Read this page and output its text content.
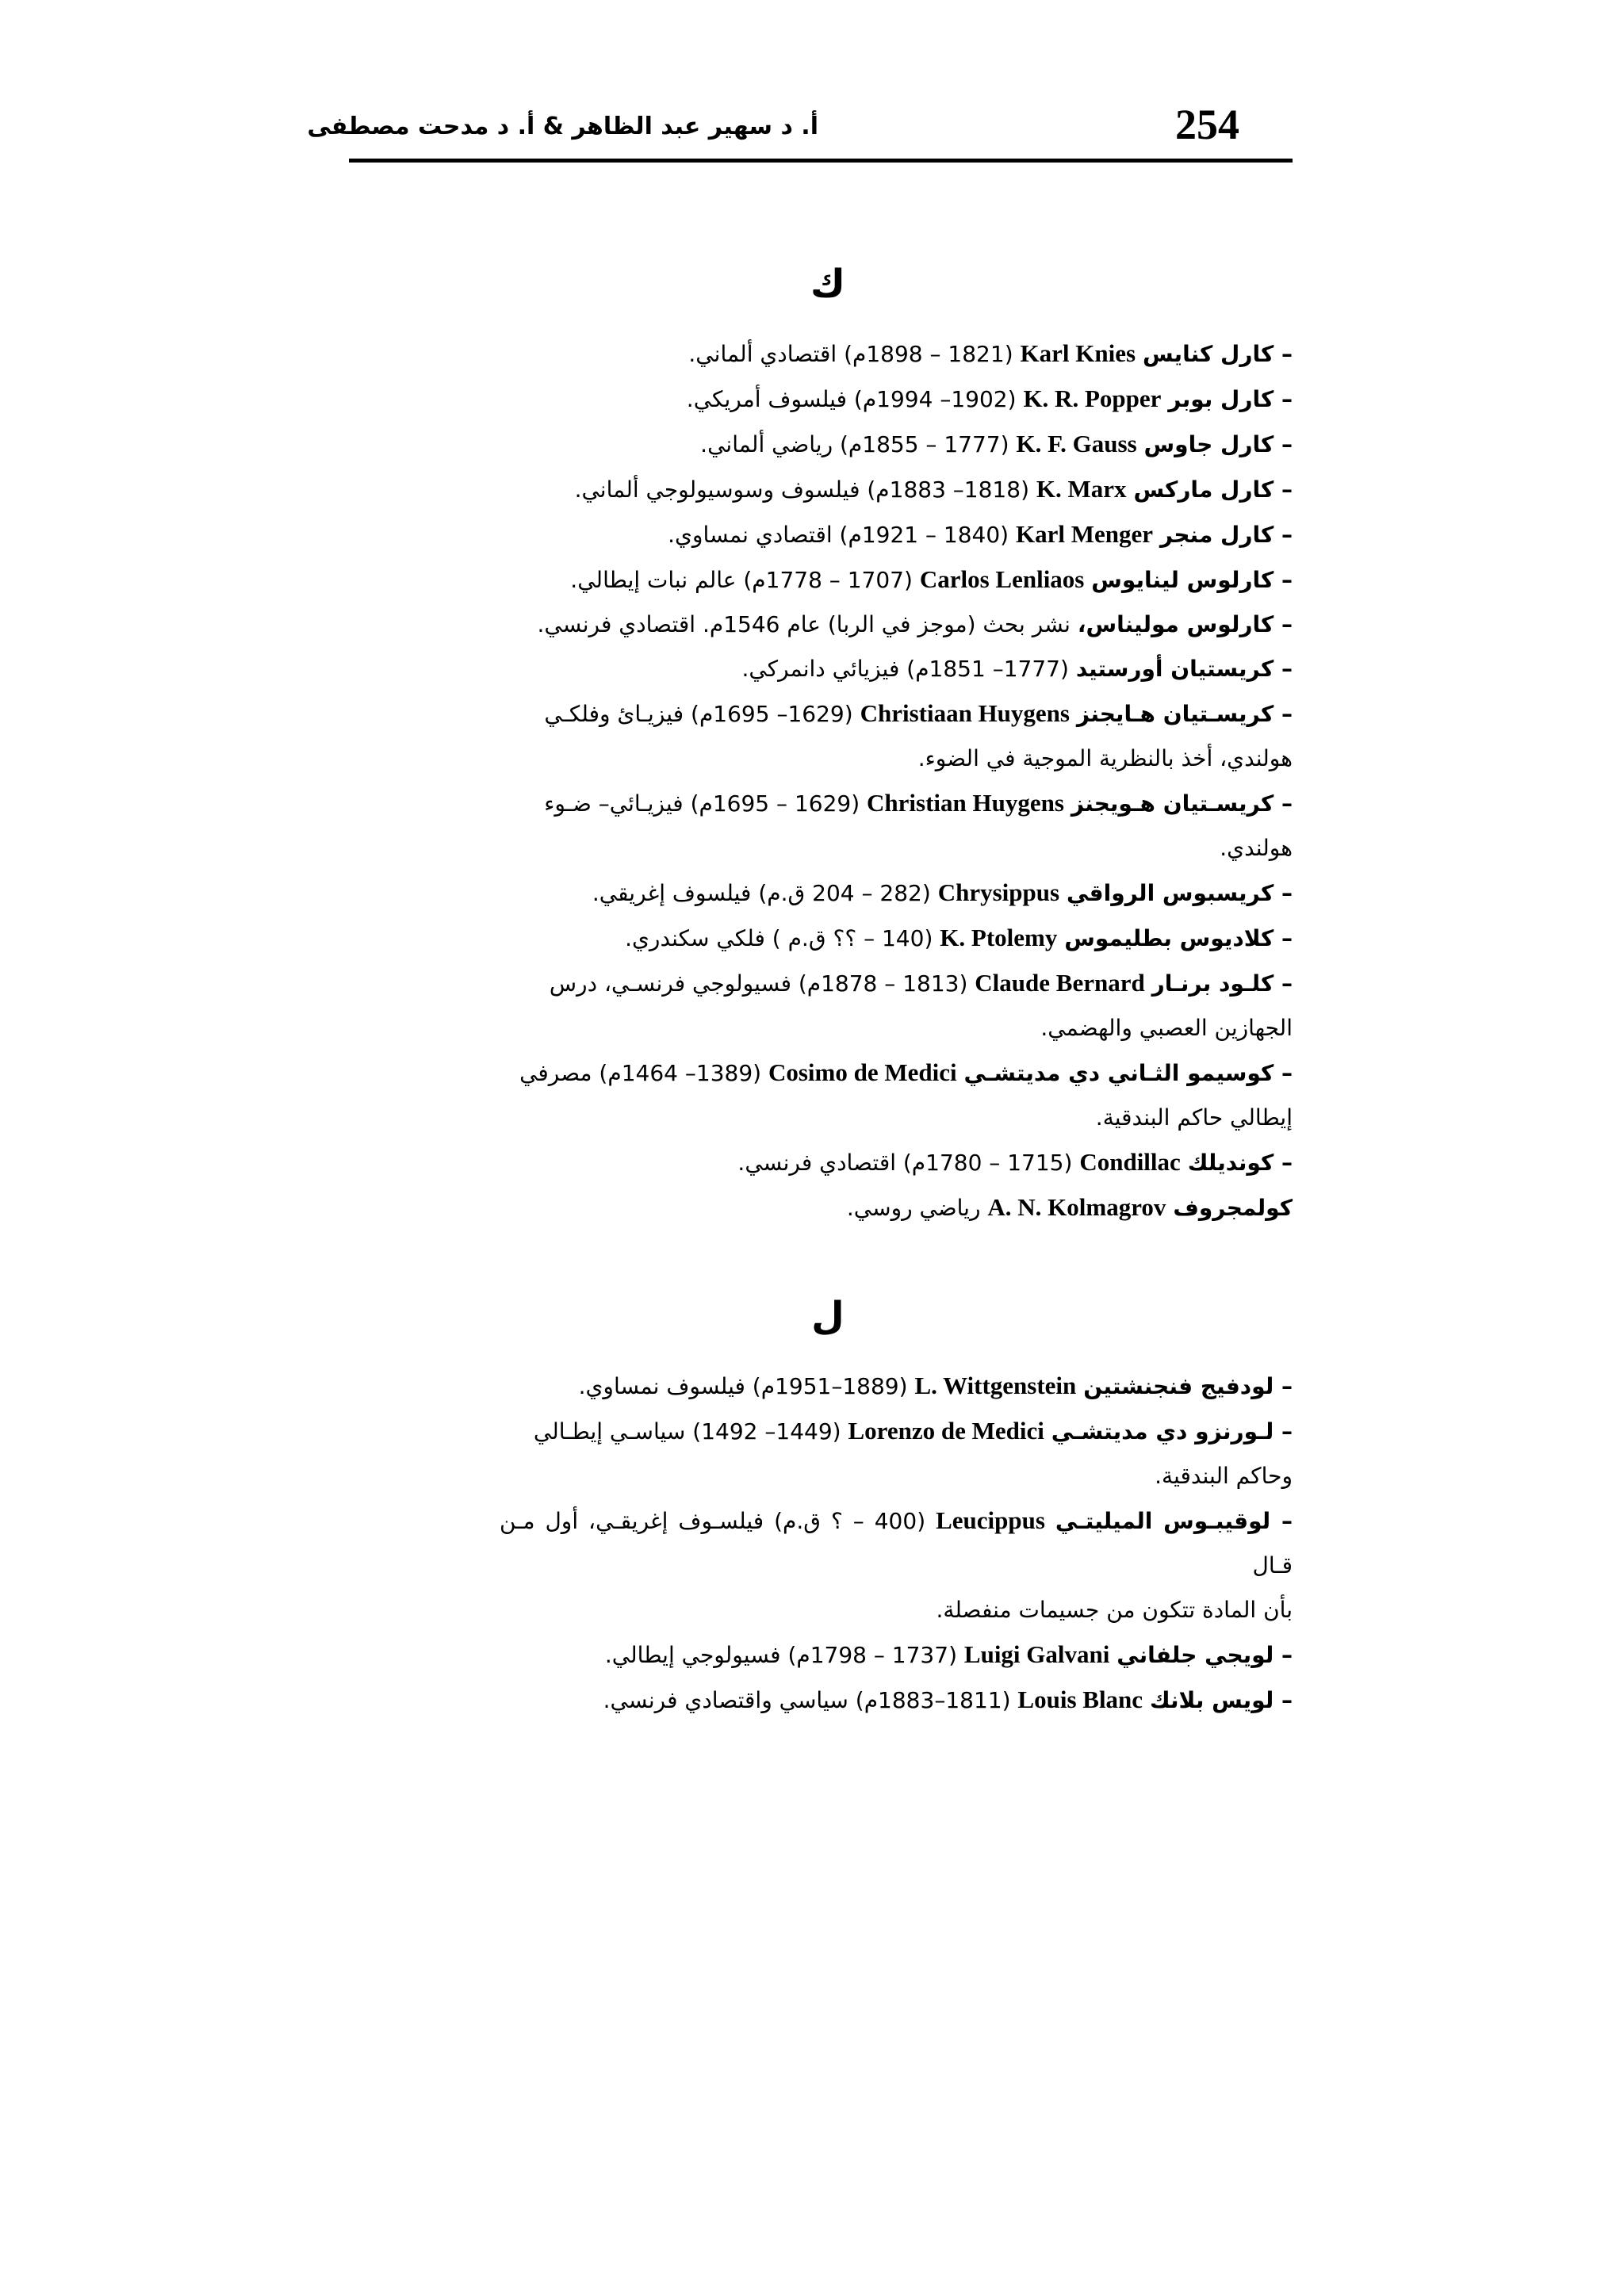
254
أ. د سهير عبد الظاهر & أ. د مدحت مصطفى
ك
– كارل كنايس Karl Knies (1821 – 1898م) اقتصادي ألماني.
– كارل بوبر K. R. Popper (1902– 1994م) فيلسوف أمريكي.
– كارل جاوس K. F. Gauss (1777 – 1855م) رياضي ألماني.
– كارل ماركس K. Marx (1818– 1883م) فيلسوف وسوسيولوجي ألماني.
– كارل منجر Karl Menger (1840 – 1921م) اقتصادي نمساوي.
– كارلوس لينايوس Carlos Lenliaos (1707 – 1778م) عالم نبات إيطالي.
– كارلوس موليناس، نشر بحث (موجز في الربا) عام 1546م. اقتصادي فرنسي.
– كريستيان أورستيد (1777– 1851م) فيزيائي دانمركي.
– كريسـتيان هـايجنز Christiaan Huygens (1629– 1695م) فيزيـائ وفلكـي
هولندي، أخذ بالنظرية الموجية في الضوء.
– كريسـتيان هـويجنز Christian Huygens (1629 – 1695م) فيزيـائي– ضـوء
هولندي.
– كريسبوس الرواقي Chrysippus (282 – 204 ق.م) فيلسوف إغريقي.
– كلاديوس بطليموس K. Ptolemy (140 – ؟؟ ق.م ) فلكي سكندري.
– كلـود برنـار Claude Bernard (1813 – 1878م) فسيولوجي فرنسـي، درس
الجهازين العصبي والهضمي.
– كوسيمو الثـاني دي مديتشـي Cosimo de Medici (1389– 1464م) مصرفي
إيطالي حاكم البندقية.
– كونديلك Condillac (1715 – 1780م) اقتصادي فرنسي.
كولمجروف A. N. Kolmagrov رياضي روسي.
ل
– لودفيج فنجنشتين L. Wittgenstein (1889–1951م) فيلسوف نمساوي.
– لـورنزو دي مديتشـي Lorenzo de Medici (1449– 1492) سياسـي إيطـالي
وحاكم البندقية.
– لوقيبـوس الميليتـي Leucippus (400 – ؟ ق.م) فيلسـوف إغريقـي، أول مـن قـال
بأن المادة تتكون من جسيمات منفصلة.
– لويجي جلفاني Luigi Galvani (1737 – 1798م) فسيولوجي إيطالي.
– لويس بلانك Louis Blanc (1811–1883م) سياسي واقتصادي فرنسي.
